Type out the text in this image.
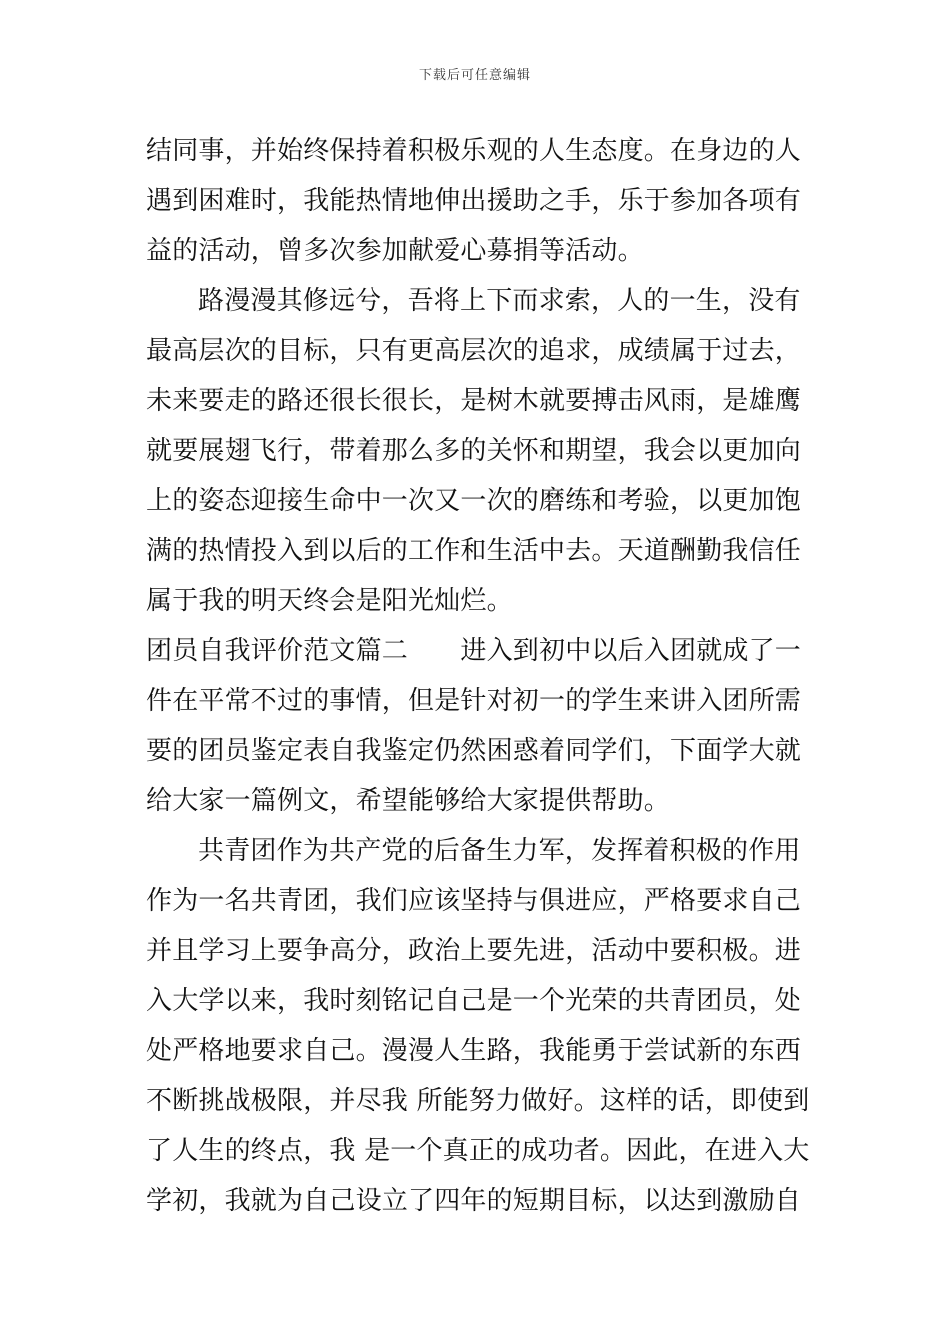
下载后可任意编辑
结同事，并始终保持着积极乐观的人生态度。在身边的人
遇到困难时，我能热情地伸出援助之手，乐于参加各项有
益的活动，曾多次参加献爱心募捐等活动。
路漫漫其修远兮，吾将上下而求索，人的一生，没有
最高层次的目标，只有更高层次的追求，成绩属于过去，
未来要走的路还很长很长，是树木就要搏击风雨，是雄鹰
就要展翅飞行，带着那么多的关怀和期望，我会以更加向
上的姿态迎接生命中一次又一次的磨练和考验，以更加饱
满的热情投入到以后的工作和生活中去。天道酬勤我信任
属于我的明天终会是阳光灿烂。
团员自我评价范文篇二　　进入到初中以后入团就成了一
件在平常不过的事情，但是针对初一的学生来讲入团所需
要的团员鉴定表自我鉴定仍然困惑着同学们，下面学大就
给大家一篇例文，希望能够给大家提供帮助。
共青团作为共产党的后备生力军，发挥着积极的作用
作为一名共青团，我们应该坚持与俱进应，严格要求自己
并且学习上要争高分，政治上要先进，活动中要积极。进
入大学以来，我时刻铭记自己是一个光荣的共青团员，处
处严格地要求自己。漫漫人生路，我能勇于尝试新的东西
不断挑战极限，并尽我 所能努力做好。这样的话，即使到
了人生的终点，我 是一个真正的成功者。因此，在进入大
学初，我就为自己设立了四年的短期目标，以达到激励自
